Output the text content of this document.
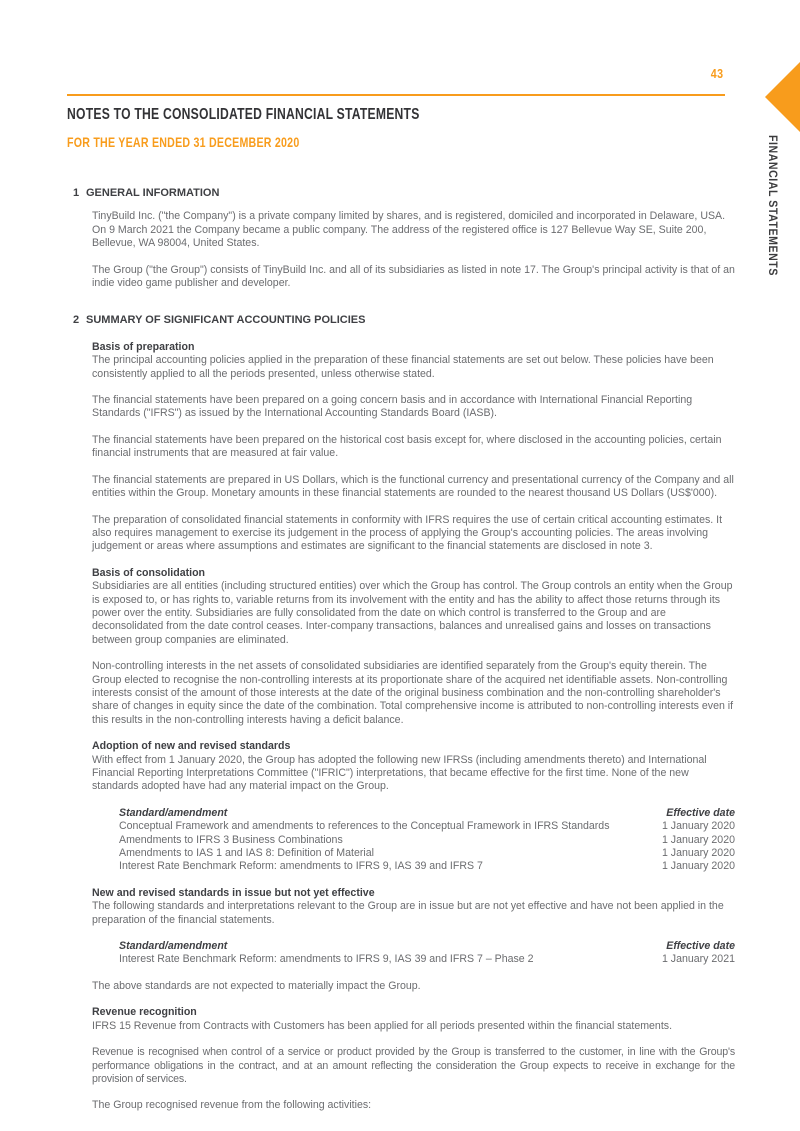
43
FINANCIAL STATEMENTS
NOTES TO THE CONSOLIDATED FINANCIAL STATEMENTS
FOR THE YEAR ENDED 31 DECEMBER 2020
1 GENERAL INFORMATION

TinyBuild Inc. ("the Company") is a private company limited by shares, and is registered, domiciled and incorporated in Delaware, USA. On 9 March 2021 the Company became a public company. The address of the registered office is 127 Bellevue Way SE, Suite 200, Bellevue, WA 98004, United States.

The Group ("the Group") consists of TinyBuild Inc. and all of its subsidiaries as listed in note 17. The Group's principal activity is that of an indie video game publisher and developer.

2 SUMMARY OF SIGNIFICANT ACCOUNTING POLICIES
Basis of preparation

The principal accounting policies applied in the preparation of these financial statements are set out below. These policies have been consistently applied to all the periods presented, unless otherwise stated.

The financial statements have been prepared on a going concern basis and in accordance with International Financial Reporting Standards ("IFRS") as issued by the International Accounting Standards Board (IASB).

The financial statements have been prepared on the historical cost basis except for, where disclosed in the accounting policies, certain financial instruments that are measured at fair value.

The financial statements are prepared in US Dollars, which is the functional currency and presentational currency of the Company and all entities within the Group. Monetary amounts in these financial statements are rounded to the nearest thousand US Dollars (US$'000).

The preparation of consolidated financial statements in conformity with IFRS requires the use of certain critical accounting estimates. It also requires management to exercise its judgement in the process of applying the Group's accounting policies. The areas involving judgement or areas where assumptions and estimates are significant to the financial statements are disclosed in note 3.

Basis of consolidation

Subsidiaries are all entities (including structured entities) over which the Group has control. The Group controls an entity when the Group is exposed to, or has rights to, variable returns from its involvement with the entity and has the ability to affect those returns through its power over the entity. Subsidiaries are fully consolidated from the date on which control is transferred to the Group and are deconsolidated from the date control ceases. Inter-company transactions, balances and unrealised gains and losses on transactions between group companies are eliminated.

Non-controlling interests in the net assets of consolidated subsidiaries are identified separately from the Group's equity therein. The Group elected to recognise the non-controlling interests at its proportionate share of the acquired net identifiable assets. Non-controlling interests consist of the amount of those interests at the date of the original business combination and the non-controlling shareholder's share of changes in equity since the date of the combination. Total comprehensive income is attributed to non-controlling interests even if this results in the non-controlling interests having a deficit balance.

Adoption of new and revised standards

With effect from 1 January 2020, the Group has adopted the following new IFRSs (including amendments thereto) and International Financial Reporting Interpretations Committee ("IFRIC") interpretations, that became effective for the first time. None of the new standards adopted have had any material impact on the Group.

Standard/amendment	Effective date
Conceptual Framework and amendments to references to the Conceptual Framework in IFRS Standards	1 January 2020
Amendments to IFRS 3 Business Combinations	1 January 2020
Amendments to IAS 1 and IAS 8: Definition of Material	1 January 2020
Interest Rate Benchmark Reform: amendments to IFRS 9, IAS 39 and IFRS 7	1 January 2020
New and revised standards in issue but not yet effective

The following standards and interpretations relevant to the Group are in issue but are not yet effective and have not been applied in the preparation of the financial statements.

Standard/amendment	Effective date
Interest Rate Benchmark Reform: amendments to IFRS 9, IAS 39 and IFRS 7 – Phase 2	1 January 2021

The above standards are not expected to materially impact the Group.

Revenue recognition

IFRS 15 Revenue from Contracts with Customers has been applied for all periods presented within the financial statements.

Revenue is recognised when control of a service or product provided by the Group is transferred to the customer, in line with the Group's performance obligations in the contract, and at an amount reflecting the consideration the Group expects to receive in exchange for the provision of services.

The Group recognised revenue from the following activities:
